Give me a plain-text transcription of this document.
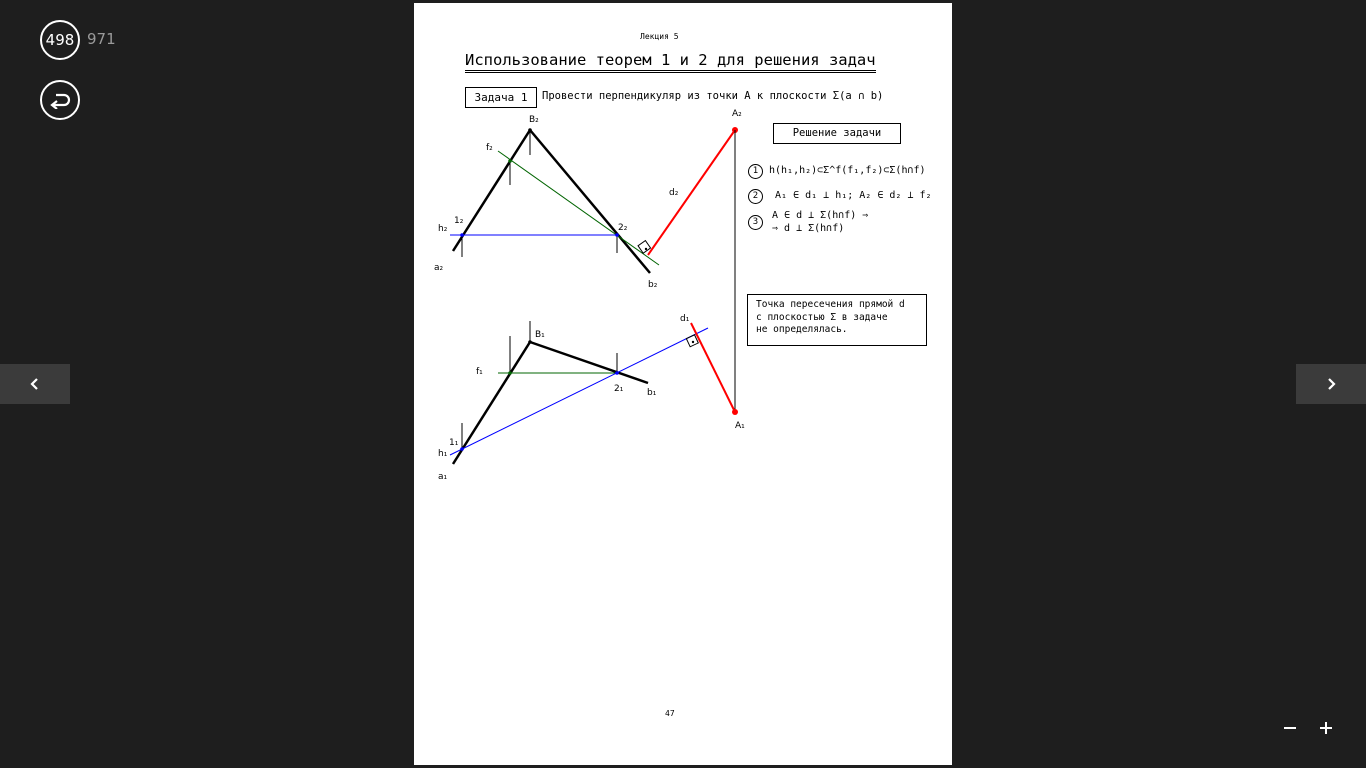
498 971	Лекция 5
Использование теорем 1 и 2 для решения задач
Задача 1	Провести перпендикуляр из точки А к плоскости Σ(a ∩ b)
Решение задачи
1	h(h₁,h₂)⊂Σ^f(f₁,f₂)⊂Σ(h∩f)
2	A₁ ∈ d₁ ⊥ h₁; A₂ ∈ d₂ ⊥ f₂
3
A ∈ d ⊥ Σ(h∩f) ⇒
⇒ d ⊥ Σ(h∩f)
Точка пересечения прямой d
с плоскостью Σ в задаче
не определялась.
B₂
f₂
1₂
h₂	2₂
a₂
b₂
d₂
A₂
B₁
f₁
2₁	b₁
d₁
1₁
h₁
a₁
A₁
47
